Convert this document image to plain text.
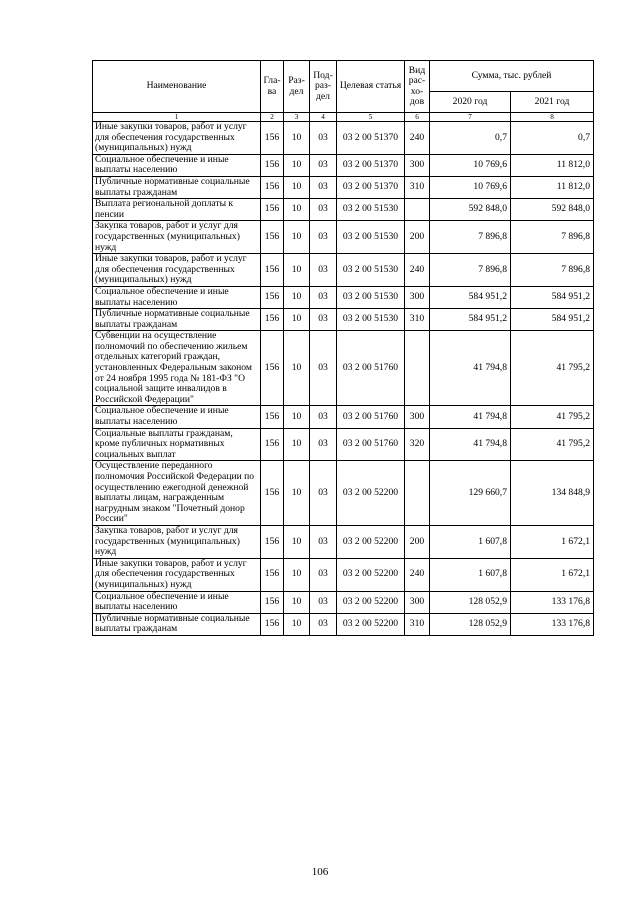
Наименование	Гла-ва	Раз-дел	Под-раз-дел	Целевая статья	Вид рас-хо-дов	Сумма, тыс. рублей	
						2020 год	2021 год
1	2	3	4	5	6	7	8
Иные закупки товаров, работ и услуг для обеспечения государственных (муниципальных) нужд	156	10	03	03 2 00 51370	240	0,7	0,7
Социальное обеспечение и иные выплаты населению	156	10	03	03 2 00 51370	300	10 769,6	11 812,0
Публичные нормативные социальные выплаты гражданам	156	10	03	03 2 00 51370	310	10 769,6	11 812,0
Выплата региональной доплаты к пенсии	156	10	03	03 2 00 51530		592 848,0	592 848,0
Закупка товаров, работ и услуг для государственных (муниципальных) нужд	156	10	03	03 2 00 51530	200	7 896,8	7 896,8
Иные закупки товаров, работ и услуг для обеспечения государственных (муниципальных) нужд	156	10	03	03 2 00 51530	240	7 896,8	7 896,8
Социальное обеспечение и иные выплаты населению	156	10	03	03 2 00 51530	300	584 951,2	584 951,2
Публичные нормативные социальные выплаты гражданам	156	10	03	03 2 00 51530	310	584 951,2	584 951,2
Субвенции на осуществление полномочий по обеспечению жильем отдельных категорий граждан, установленных Федеральным законом от 24 ноября 1995 года № 181-ФЗ "О социальной защите инвалидов в Российской Федерации"	156	10	03	03 2 00 51760		41 794,8	41 795,2
Социальное обеспечение и иные выплаты населению	156	10	03	03 2 00 51760	300	41 794,8	41 795,2
Социальные выплаты гражданам, кроме публичных нормативных социальных выплат	156	10	03	03 2 00 51760	320	41 794,8	41 795,2
Осуществление переданного полномочия Российской Федерации по осуществлению ежегодной денежной выплаты лицам, награжденным нагрудным знаком "Почетный донор России"	156	10	03	03 2 00 52200		129 660,7	134 848,9
Закупка товаров, работ и услуг для государственных (муниципальных) нужд	156	10	03	03 2 00 52200	200	1 607,8	1 672,1
Иные закупки товаров, работ и услуг для обеспечения государственных (муниципальных) нужд	156	10	03	03 2 00 52200	240	1 607,8	1 672,1
Социальное обеспечение и иные выплаты населению	156	10	03	03 2 00 52200	300	128 052,9	133 176,8
Публичные нормативные социальные выплаты гражданам	156	10	03	03 2 00 52200	310	128 052,9	133 176,8
106
